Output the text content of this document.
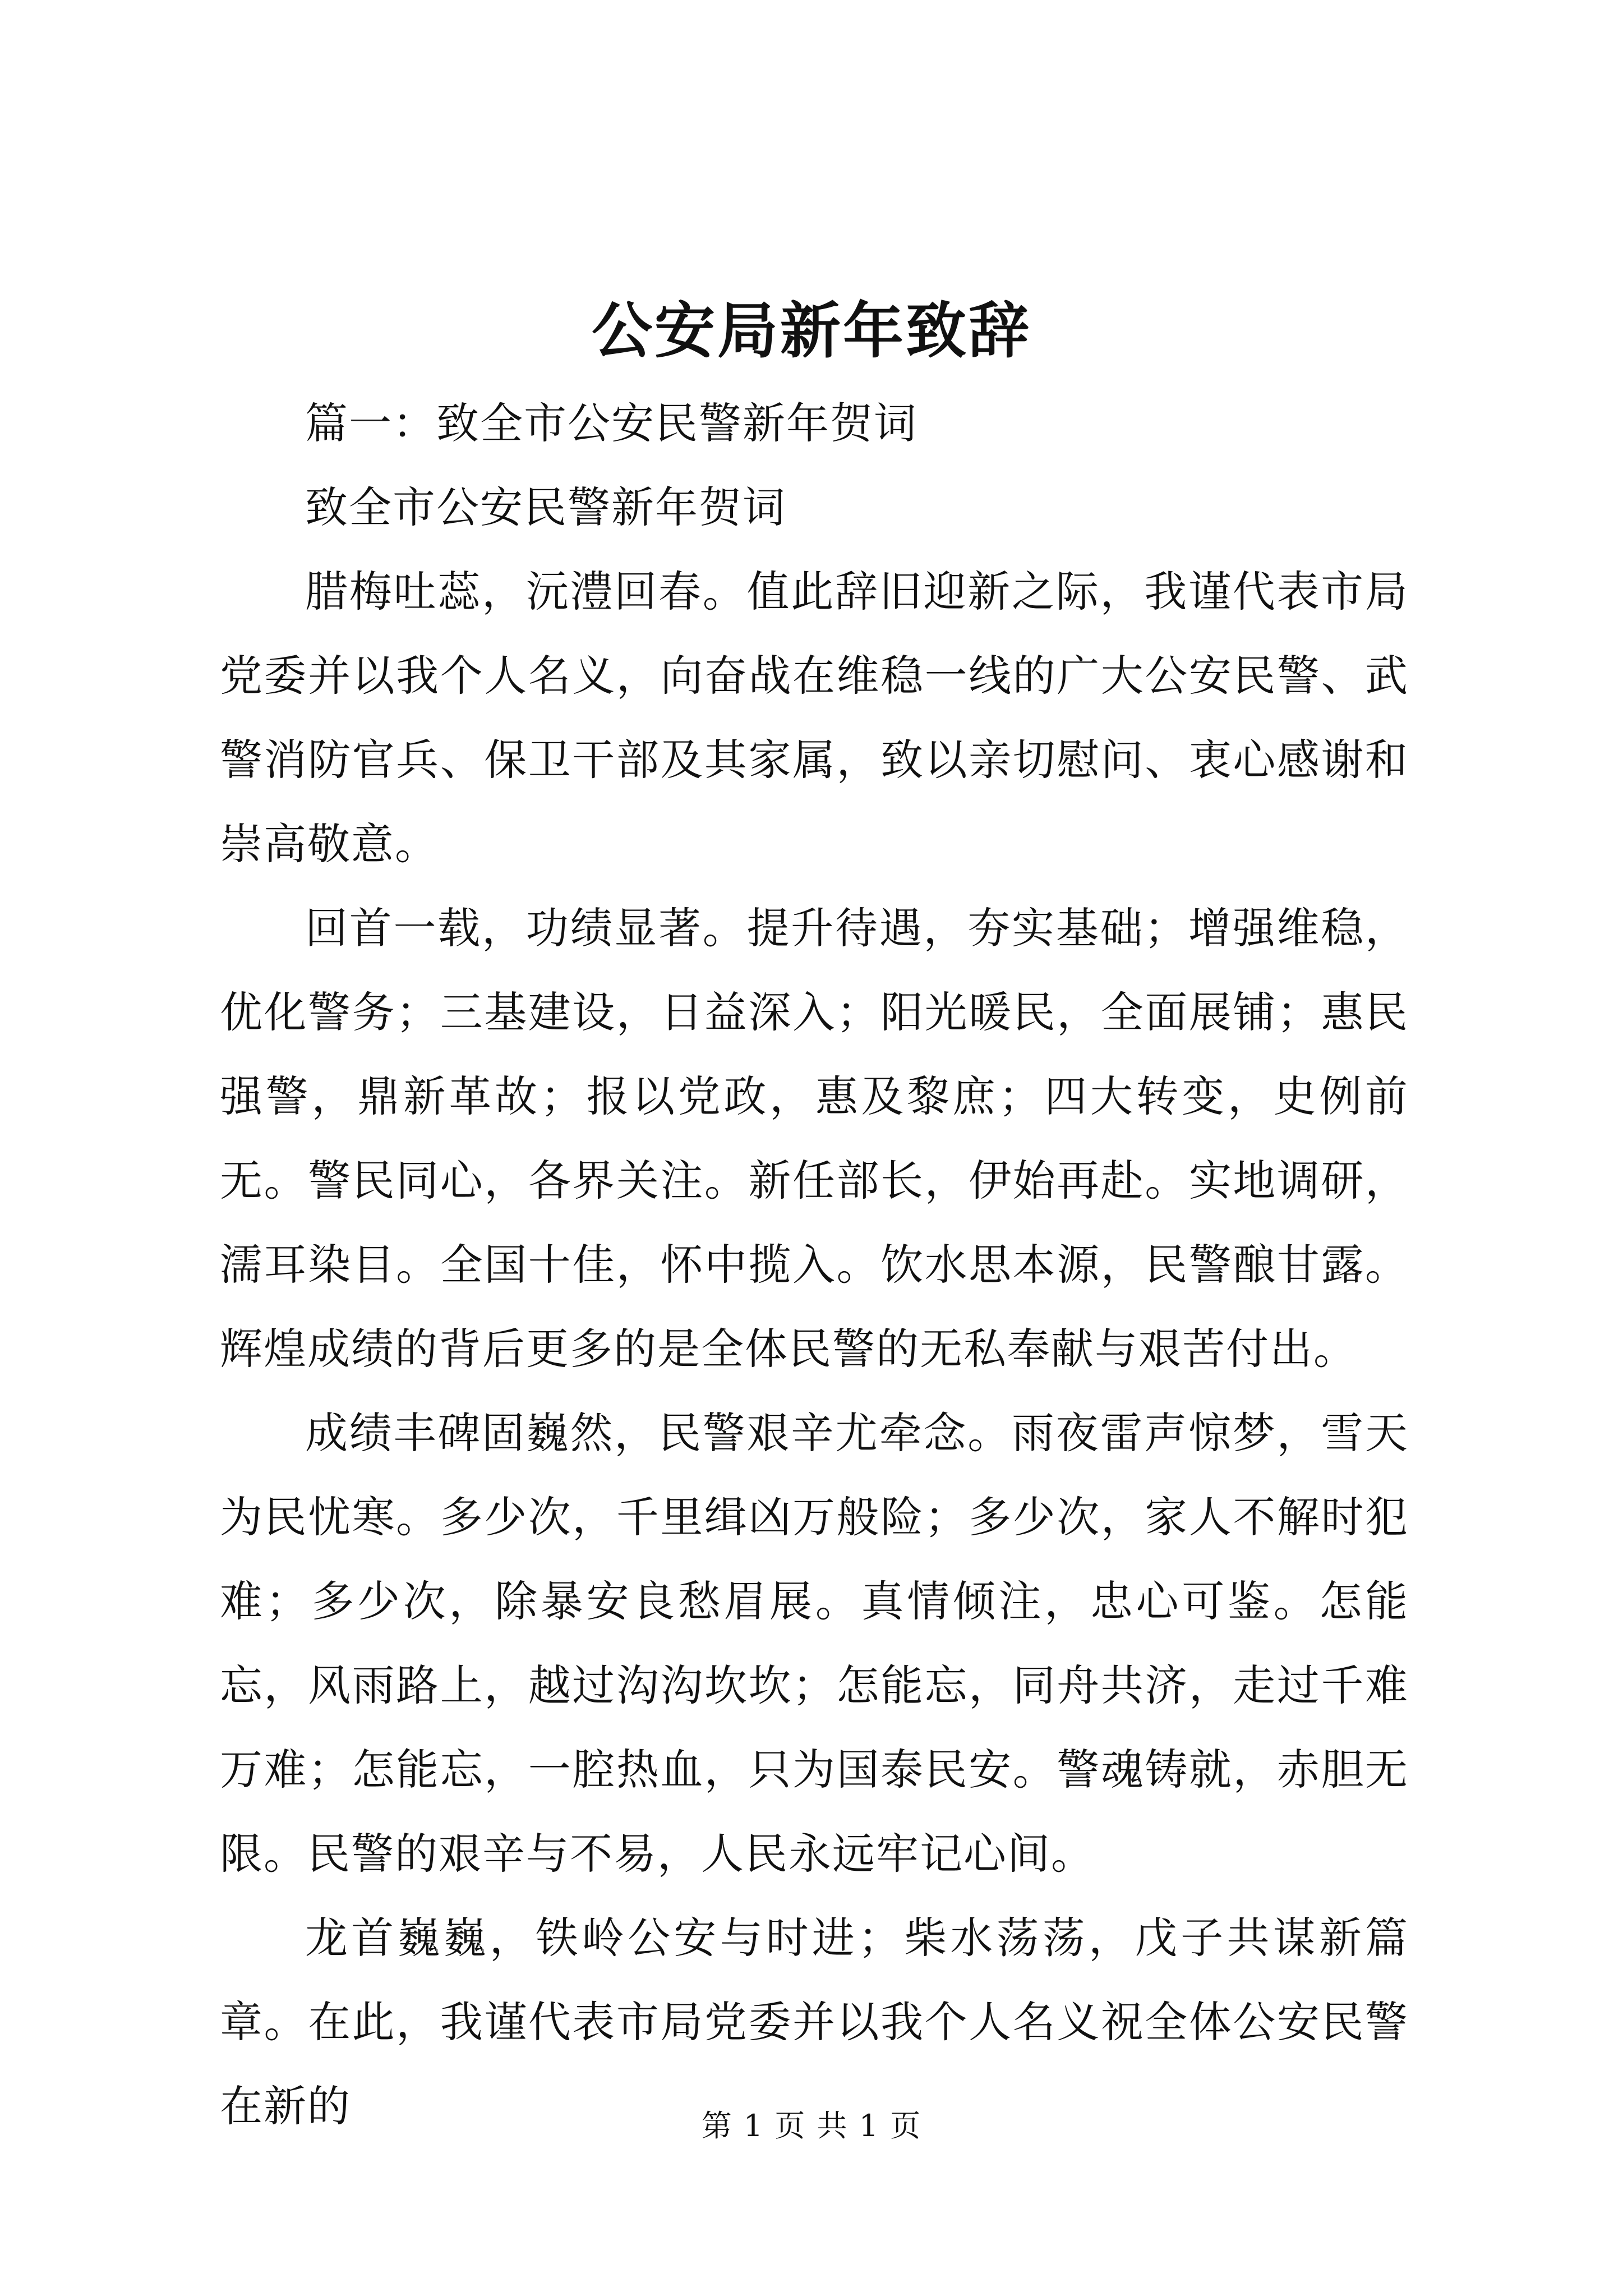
公安局新年致辞

篇一：致全市公安民警新年贺词

致全市公安民警新年贺词

腊梅吐蕊，沅澧回春。值此辞旧迎新之际，我谨代表市局党委并以我个人名义，向奋战在维稳一线的广大公安民警、武警消防官兵、保卫干部及其家属，致以亲切慰问、衷心感谢和崇高敬意。

回首一载，功绩显著。提升待遇，夯实基础；增强维稳，优化警务；三基建设，日益深入；阳光暖民，全面展铺；惠民强警，鼎新革故；报以党政，惠及黎庶；四大转变，史例前无。警民同心，各界关注。新任部长，伊始再赴。实地调研，濡耳染目。全国十佳，怀中揽入。饮水思本源，民警酿甘露。辉煌成绩的背后更多的是全体民警的无私奉献与艰苦付出。

成绩丰碑固巍然，民警艰辛尤牵念。雨夜雷声惊梦，雪天为民忧寒。多少次，千里缉凶万般险；多少次，家人不解时犯难；多少次，除暴安良愁眉展。真情倾注，忠心可鉴。怎能忘，风雨路上，越过沟沟坎坎；怎能忘，同舟共济，走过千难万难；怎能忘，一腔热血，只为国泰民安。警魂铸就，赤胆无限。民警的艰辛与不易，人民永远牢记心间。

龙首巍巍，铁岭公安与时进；柴水荡荡，戊子共谋新篇章。在此，我谨代表市局党委并以我个人名义祝全体公安民警在新的	第 1 页 共 1 页
